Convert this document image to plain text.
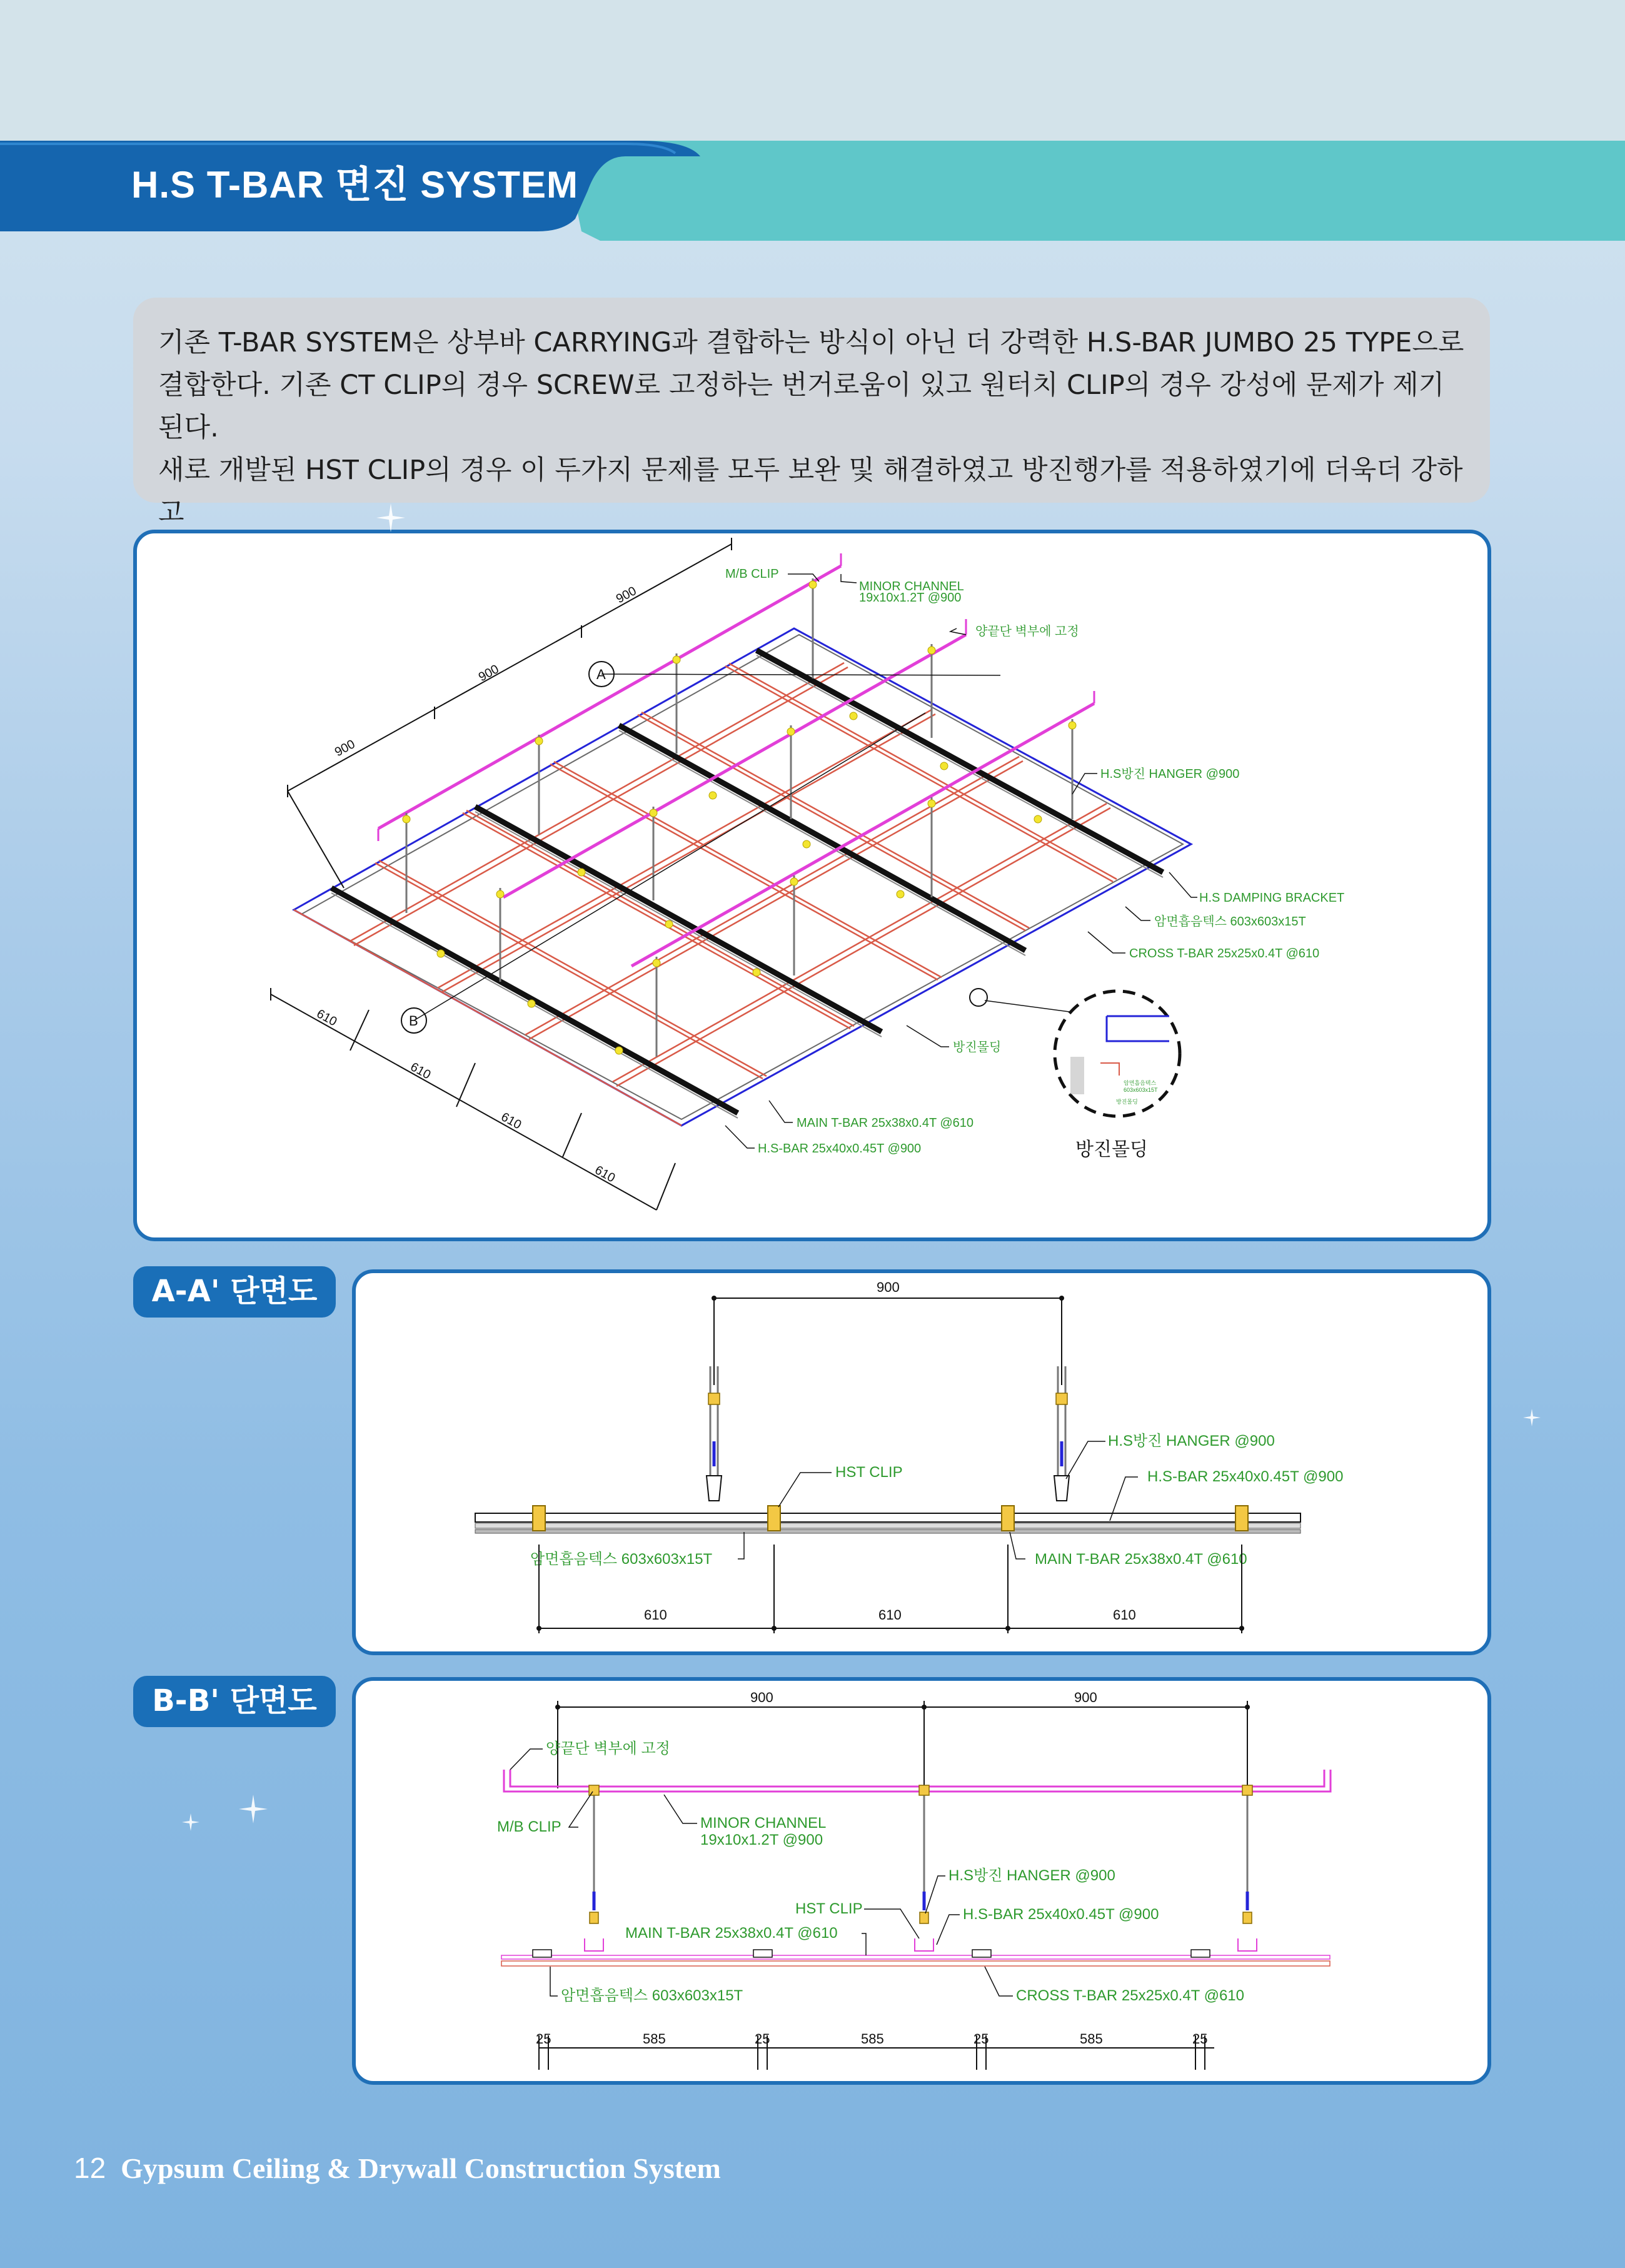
H.S T-BAR 면진 SYSTEM
기존 T-BAR SYSTEM은 상부바 CARRYING과 결합하는 방식이 아닌 더 강력한 H.S-BAR JUMBO 25 TYPE으로
결합한다. 기존 CT CLIP의 경우 SCREW로 고정하는 번거로움이 있고 원터치 CLIP의 경우 강성에 문제가 제기된다.
새로 개발된 HST CLIP의 경우 이 두가지 문제를 모두 보완 및 해결하였고 방진행가를 적용하였기에 더욱더 강하고
900
900
900
610
610
610
610
A
B
M/B CLIP
MINOR CHANNEL
19x10x1.2T @900
양끝단 벽부에 고정
H.S방진 HANGER @900
H.S DAMPING BRACKET
암면흡음텍스 603x603x15T
CROSS T-BAR 25x25x0.4T @610
방진몰딩
MAIN T-BAR 25x38x0.4T @610
H.S-BAR 25x40x0.45T @900
암면흡음텍스
603x603x15T
방진몰딩
방진몰딩
A-A' 단면도	900
HST CLIP
H.S방진 HANGER @900
H.S-BAR 25x40x0.45T @900
암면흡음텍스 603x603x15T	MAIN T-BAR 25x38x0.4T @610
610	610	610
B-B' 단면도	900	900
양끝단 벽부에 고정
M/B CLIP	MINOR CHANNEL
19x10x1.2T @900
H.S방진 HANGER @900
HST CLIP	H.S-BAR 25x40x0.45T @900
MAIN T-BAR 25x38x0.4T @610
암면흡음텍스 603x603x15T	CROSS T-BAR 25x25x0.4T @610
25	585	25	585	25	585	25
12 Gypsum Ceiling & Drywall Construction System
